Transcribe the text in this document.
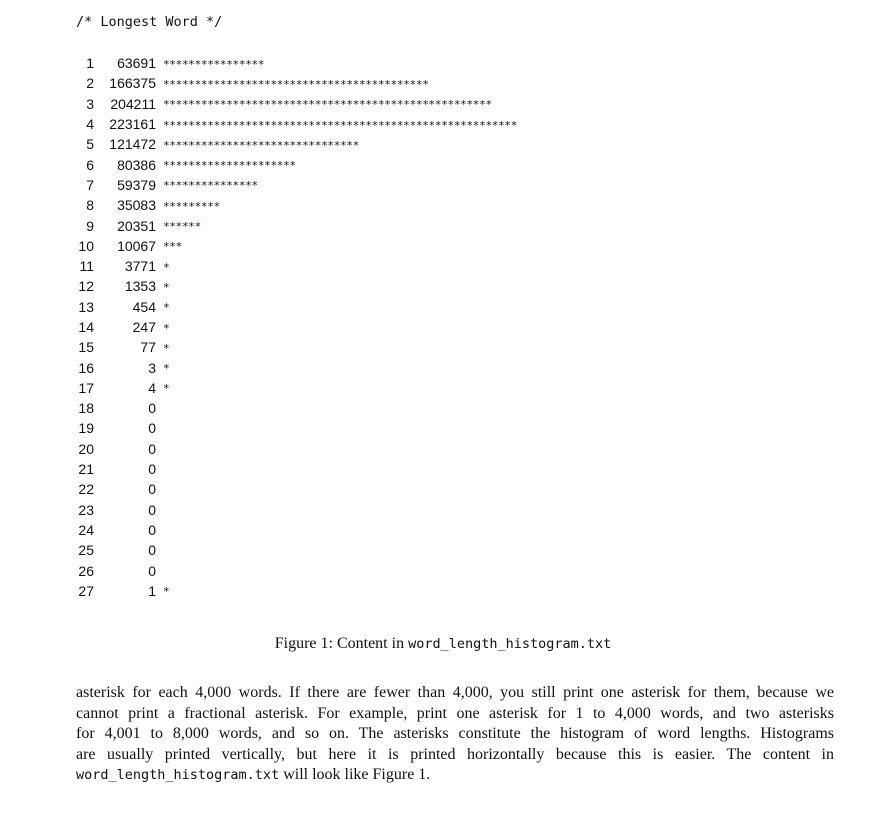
/* Longest Word */
1	63691 ****************
2	166375 ******************************************
3	204211 ****************************************************
4	223161 ********************************************************
5	121472 *******************************
6	80386 *********************
7	59379 ***************
8	35083 *********
9	20351 ******
10	10067 ***
11	3771 *
12	1353 *
13	454 *
14	247 *
15	77 *
16	3 *
17	4 *
18	0
19	0
20	0
21	0
22	0
23	0
24	0
25	0
26	0
27	1 *
Figure 1: Content in word_length_histogram.txt
asterisk for each 4,000 words. If there are fewer than 4,000, you still print one asterisk for them, because we
cannot print a fractional asterisk. For example, print one asterisk for 1 to 4,000 words, and two asterisks
for 4,001 to 8,000 words, and so on. The asterisks constitute the histogram of word lengths. Histograms
are usually printed vertically, but here it is printed horizontally because this is easier. The content in
word_length_histogram.txt will look like Figure 1.
